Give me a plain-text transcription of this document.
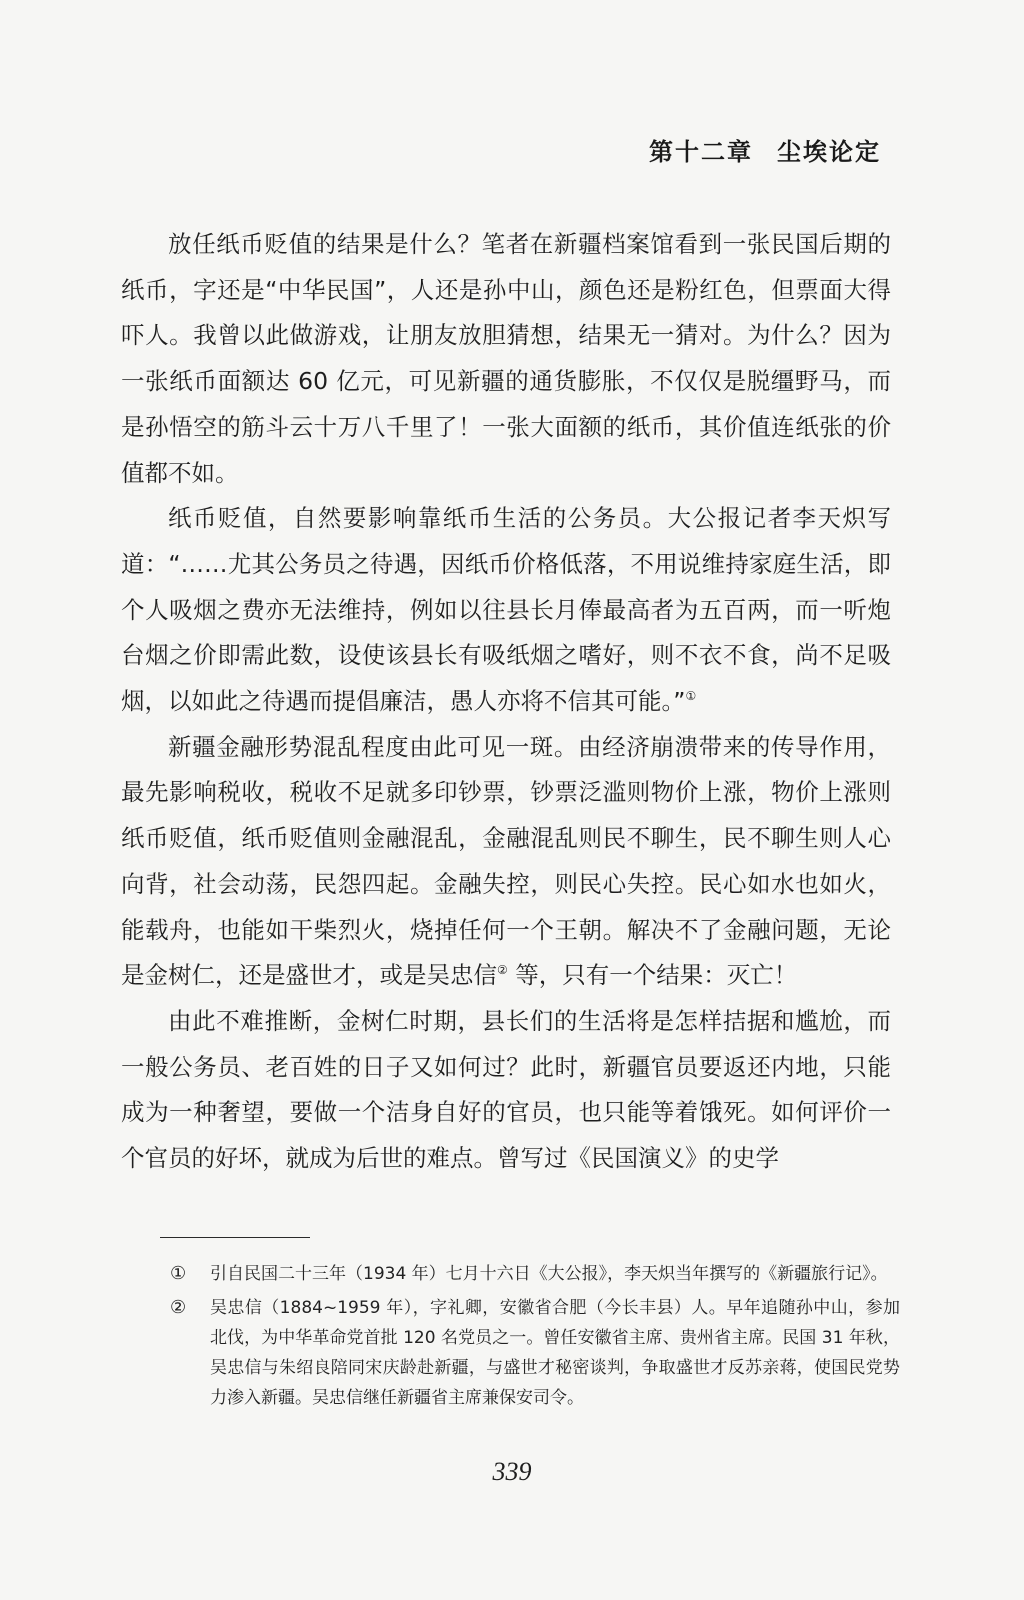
第十二章 尘埃论定

放任纸币贬值的结果是什么？笔者在新疆档案馆看到一张民国后期的纸币，字还是“中华民国”，人还是孙中山，颜色还是粉红色，但票面大得吓人。我曾以此做游戏，让朋友放胆猜想，结果无一猜对。为什么？因为一张纸币面额达 60 亿元，可见新疆的通货膨胀，不仅仅是脱缰野马，而是孙悟空的筋斗云十万八千里了！一张大面额的纸币，其价值连纸张的价值都不如。

纸币贬值，自然要影响靠纸币生活的公务员。大公报记者李天炽写道：“……尤其公务员之待遇，因纸币价格低落，不用说维持家庭生活，即个人吸烟之费亦无法维持，例如以往县长月俸最高者为五百两，而一听炮台烟之价即需此数，设使该县长有吸纸烟之嗜好，则不衣不食，尚不足吸烟，以如此之待遇而提倡廉洁，愚人亦将不信其可能。”①

新疆金融形势混乱程度由此可见一斑。由经济崩溃带来的传导作用，最先影响税收，税收不足就多印钞票，钞票泛滥则物价上涨，物价上涨则纸币贬值，纸币贬值则金融混乱，金融混乱则民不聊生，民不聊生则人心向背，社会动荡，民怨四起。金融失控，则民心失控。民心如水也如火，能载舟，也能如干柴烈火，烧掉任何一个王朝。解决不了金融问题，无论是金树仁，还是盛世才，或是吴忠信② 等，只有一个结果：灭亡！

由此不难推断，金树仁时期，县长们的生活将是怎样拮据和尴尬，而一般公务员、老百姓的日子又如何过？此时，新疆官员要返还内地，只能成为一种奢望，要做一个洁身自好的官员，也只能等着饿死。如何评价一个官员的好坏，就成为后世的难点。曾写过《民国演义》的史学

①	引自民国二十三年（1934 年）七月十六日《大公报》，李天炽当年撰写的《新疆旅行记》。
②	吴忠信（1884~1959 年），字礼卿，安徽省合肥（今长丰县）人。早年追随孙中山，参加北伐，为中华革命党首批 120 名党员之一。曾任安徽省主席、贵州省主席。民国 31 年秋，吴忠信与朱绍良陪同宋庆龄赴新疆，与盛世才秘密谈判，争取盛世才反苏亲蒋，使国民党势力渗入新疆。吴忠信继任新疆省主席兼保安司令。
339
